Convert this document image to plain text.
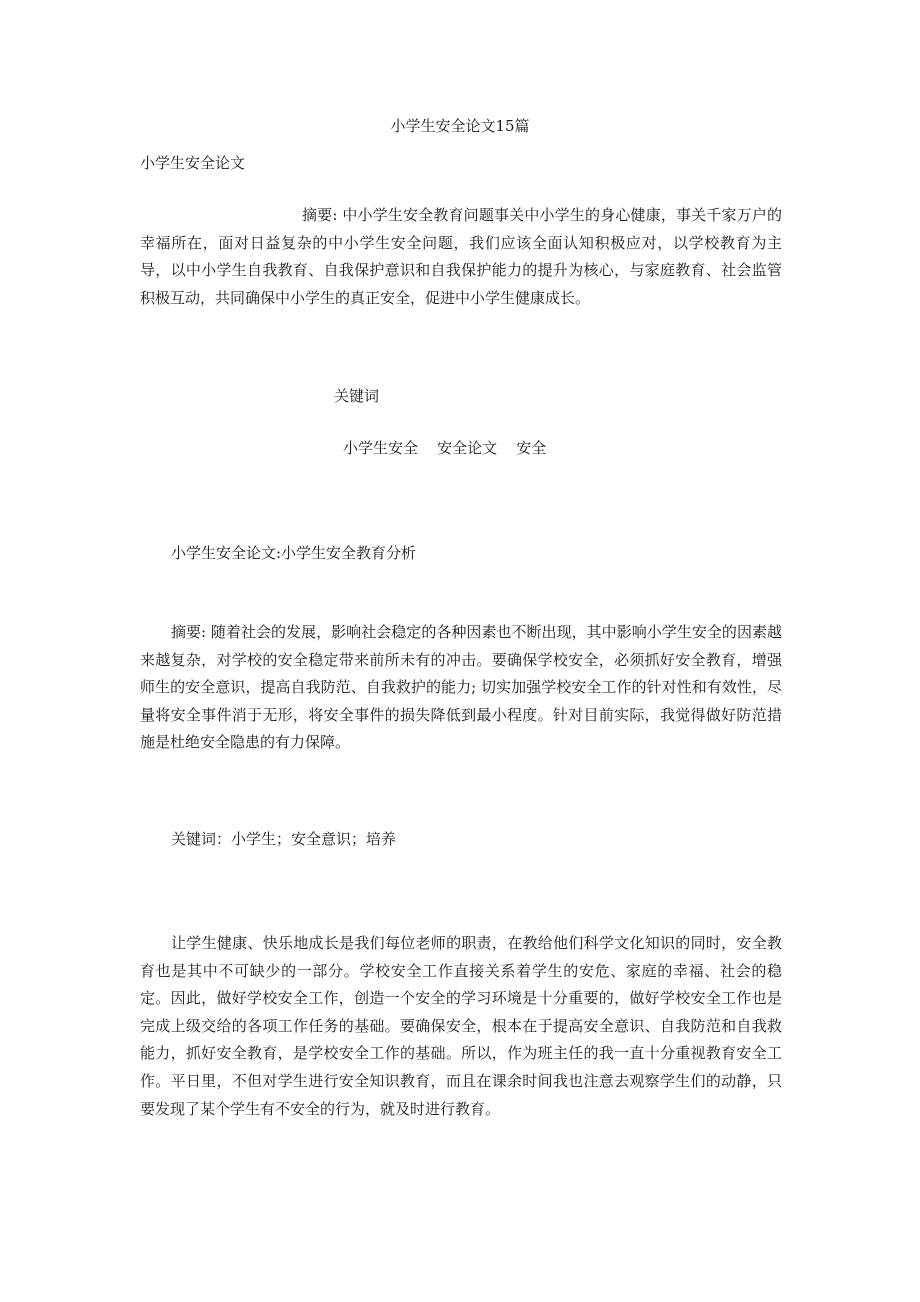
小学生安全论文15篇
小学生安全论文
摘要: 中小学生安全教育问题事关中小学生的身心健康，事关千家万户的幸福所在，面对日益复杂的中小学生安全问题，我们应该全面认知积极应对，以学校教育为主导，以中小学生自我教育、自我保护意识和自我保护能力的提升为核心，与家庭教育、社会监管积极互动，共同确保中小学生的真正安全，促进中小学生健康成长。
关键词
小学生安全 安全论文 安全
小学生安全论文:小学生安全教育分析
摘要: 随着社会的发展，影响社会稳定的各种因素也不断出现，其中影响小学生安全的因素越来越复杂，对学校的安全稳定带来前所未有的冲击。要确保学校安全，必须抓好安全教育，增强师生的安全意识，提高自我防范、自我救护的能力; 切实加强学校安全工作的针对性和有效性，尽量将安全事件消于无形，将安全事件的损失降低到最小程度。针对目前实际，我觉得做好防范措施是杜绝安全隐患的有力保障。
关键词：小学生；安全意识；培养
让学生健康、快乐地成长是我们每位老师的职责，在教给他们科学文化知识的同时，安全教育也是其中不可缺少的一部分。学校安全工作直接关系着学生的安危、家庭的幸福、社会的稳定。因此，做好学校安全工作，创造一个安全的学习环境是十分重要的，做好学校安全工作也是完成上级交给的各项工作任务的基础。要确保安全，根本在于提高安全意识、自我防范和自我救能力，抓好安全教育，是学校安全工作的基础。所以，作为班主任的我一直十分重视教育安全工作。平日里，不但对学生进行安全知识教育，而且在课余时间我也注意去观察学生们的动静，只要发现了某个学生有不安全的行为，就及时进行教育。
